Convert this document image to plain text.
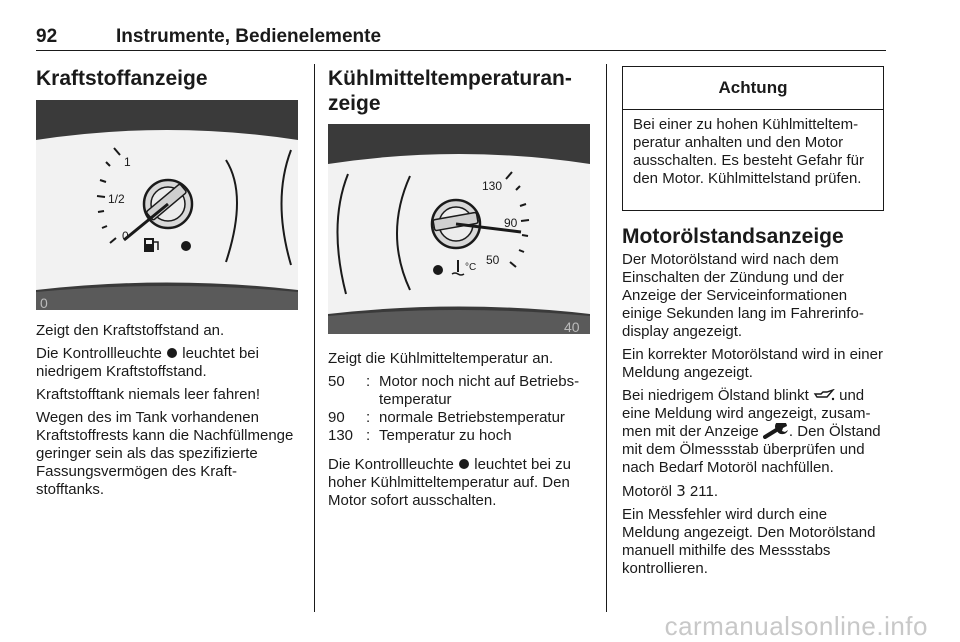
92	Instrumente, Bedienelemente
Kraftstoffanzeige
0
1
1/2
0

Zeigt den Kraftstoffstand an.

Die Kontrollleuchte leuchtet bei niedrigem Kraftstoffstand.

Kraftstofftank niemals leer fahren!

Wegen des im Tank vorhandenen Kraftstoffrests kann die Nachfüllmenge geringer sein als das spezifizierte Fassungsvermögen des Kraftstofftanks.

Kühlmitteltemperaturanzeige
40
130
90
50
°C

Zeigt die Kühlmitteltemperatur an.

50	:	Motor noch nicht auf Betriebstemperatur
90	:	normale Betriebstemperatur
130	:	Temperatur zu hoch

Die Kontrollleuchte leuchtet bei zu hoher Kühlmitteltemperatur auf. Den Motor sofort ausschalten.

Achtung
Bei einer zu hohen Kühlmitteltemperatur anhalten und den Motor ausschalten. Es besteht Gefahr für den Motor. Kühlmittelstand prüfen.
Motorölstandsanzeige

Der Motorölstand wird nach dem Einschalten der Zündung und der Anzeige der Serviceinformationen einige Sekunden lang im Fahrerinfodisplay angezeigt.

Ein korrekter Motorölstand wird in einer Meldung angezeigt.

Bei niedrigem Ölstand blinkt und eine Meldung wird angezeigt, zusammen mit der Anzeige . Den Ölstand mit dem Ölmessstab überprüfen und nach Bedarf Motoröl nachfüllen.

Motoröl 3 211.

Ein Messfehler wird durch eine Meldung angezeigt. Den Motorölstand manuell mithilfe des Messstabs kontrollieren.

carmanualsonline.info
